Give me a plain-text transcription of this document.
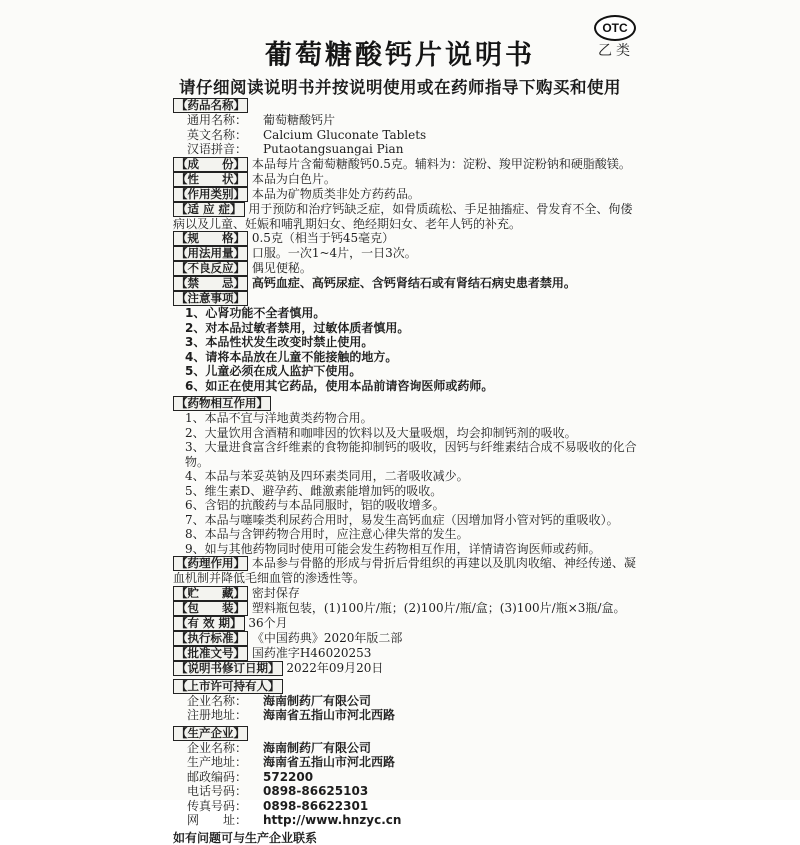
OTC
乙类
葡萄糖酸钙片说明书
请仔细阅读说明书并按说明使用或在药师指导下购买和使用
【药品名称】
通用名称： 葡萄糖酸钙片
英文名称： Calcium Gluconate Tablets
汉语拼音： Putaotangsuangai Pian
【成　　份】 本品每片含葡萄糖酸钙0.5克。辅料为：淀粉、羧甲淀粉钠和硬脂酸镁。
【性　　状】 本品为白色片。
【作用类别】 本品为矿物质类非处方药药品。
【适 应 症】 用于预防和治疗钙缺乏症，如骨质疏松、手足抽搐症、骨发育不全、佝偻病以及儿童、妊娠和哺乳期妇女、绝经期妇女、老年人钙的补充。
【规　　格】 0.5克（相当于钙45毫克）
【用法用量】 口服。一次1~4片，一日3次。
【不良反应】 偶见便秘。
【禁　　忌】 高钙血症、高钙尿症、含钙肾结石或有肾结石病史患者禁用。
【注意事项】
1、心肾功能不全者慎用。
2、对本品过敏者禁用，过敏体质者慎用。
3、本品性状发生改变时禁止使用。
4、请将本品放在儿童不能接触的地方。
5、儿童必须在成人监护下使用。
6、如正在使用其它药品，使用本品前请咨询医师或药师。
【药物相互作用】
1、本品不宜与洋地黄类药物合用。
2、大量饮用含酒精和咖啡因的饮料以及大量吸烟，均会抑制钙剂的吸收。
3、大量进食富含纤维素的食物能抑制钙的吸收，因钙与纤维素结合成不易吸收的化合物。
4、本品与苯妥英钠及四环素类同用，二者吸收减少。
5、维生素D、避孕药、雌激素能增加钙的吸收。
6、含铝的抗酸药与本品同服时，铝的吸收增多。
7、本品与噻嗪类利尿药合用时，易发生高钙血症（因增加肾小管对钙的重吸收）。
8、本品与含钾药物合用时，应注意心律失常的发生。
9、如与其他药物同时使用可能会发生药物相互作用，详情请咨询医师或药师。
【药理作用】 本品参与骨骼的形成与骨折后骨组织的再建以及肌肉收缩、神经传递、凝血机制并降低毛细血管的渗透性等。
【贮　　藏】 密封保存
【包　　装】 塑料瓶包装，(1)100片/瓶；(2)100片/瓶/盒；(3)100片/瓶×3瓶/盒。
【有 效 期】 36个月
【执行标准】 《中国药典》2020年版二部
【批准文号】 国药准字H46020253
【说明书修订日期】 2022年09月20日
【上市许可持有人】
企业名称： 海南制药厂有限公司
注册地址： 海南省五指山市河北西路
【生产企业】
企业名称： 海南制药厂有限公司
生产地址： 海南省五指山市河北西路
邮政编码： 572200
电话号码： 0898-86625103
传真号码： 0898-86622301
网　　址： http://www.hnzyc.cn
如有问题可与生产企业联系
